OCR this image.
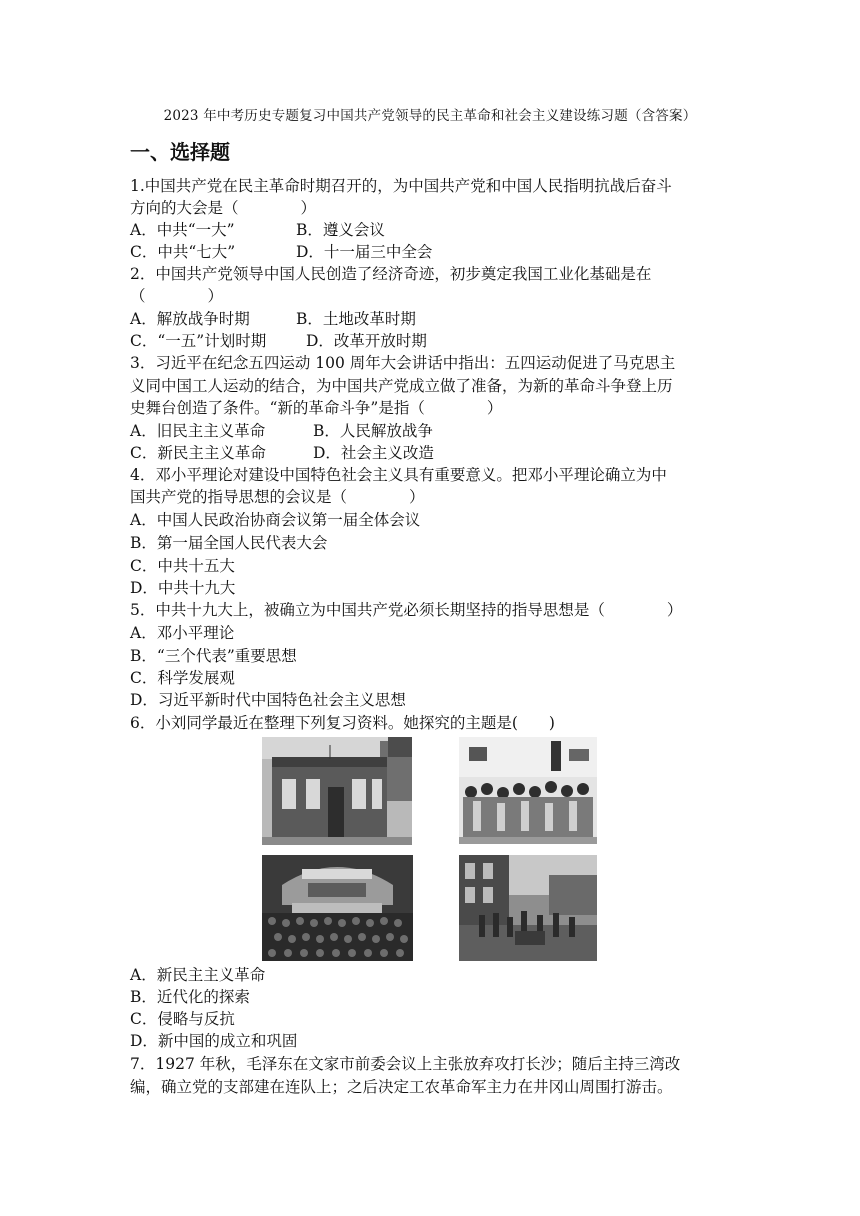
2023 年中考历史专题复习中国共产党领导的民主革命和社会主义建设练习题（含答案）
一、选择题
1.中国共产党在民主革命时期召开的，为中国共产党和中国人民指明抗战后奋斗
方向的大会是（　　　　）
A．中共“一大”	B．遵义会议
C．中共“七大”	D．十一届三中全会
2．中国共产党领导中国人民创造了经济奇迹，初步奠定我国工业化基础是在
（　　　　）
A．解放战争时期	B．土地改革时期
C．“一五”计划时期	D．改革开放时期
3．习近平在纪念五四运动 100 周年大会讲话中指出：五四运动促进了马克思主
义同中国工人运动的结合，为中国共产党成立做了准备，为新的革命斗争登上历
史舞台创造了条件。“新的革命斗争”是指（　　　　）
A．旧民主主义革命	B．人民解放战争
C．新民主主义革命	D．社会主义改造
4．邓小平理论对建设中国特色社会主义具有重要意义。把邓小平理论确立为中
国共产党的指导思想的会议是（　　　　）
A．中国人民政治协商会议第一届全体会议
B．第一届全国人民代表大会
C．中共十五大
D．中共十九大
5．中共十九大上，被确立为中国共产党必须长期坚持的指导思想是（　　　　）
A．邓小平理论
B．“三个代表”重要思想
C．科学发展观
D．习近平新时代中国特色社会主义思想
6．小刘同学最近在整理下列复习资料。她探究的主题是(　　)
A．新民主主义革命
B．近代化的探索
C．侵略与反抗
D．新中国的成立和巩固
7．1927 年秋，毛泽东在文家市前委会议上主张放弃攻打长沙；随后主持三湾改
编，确立党的支部建在连队上；之后决定工农革命军主力在井冈山周围打游击。
